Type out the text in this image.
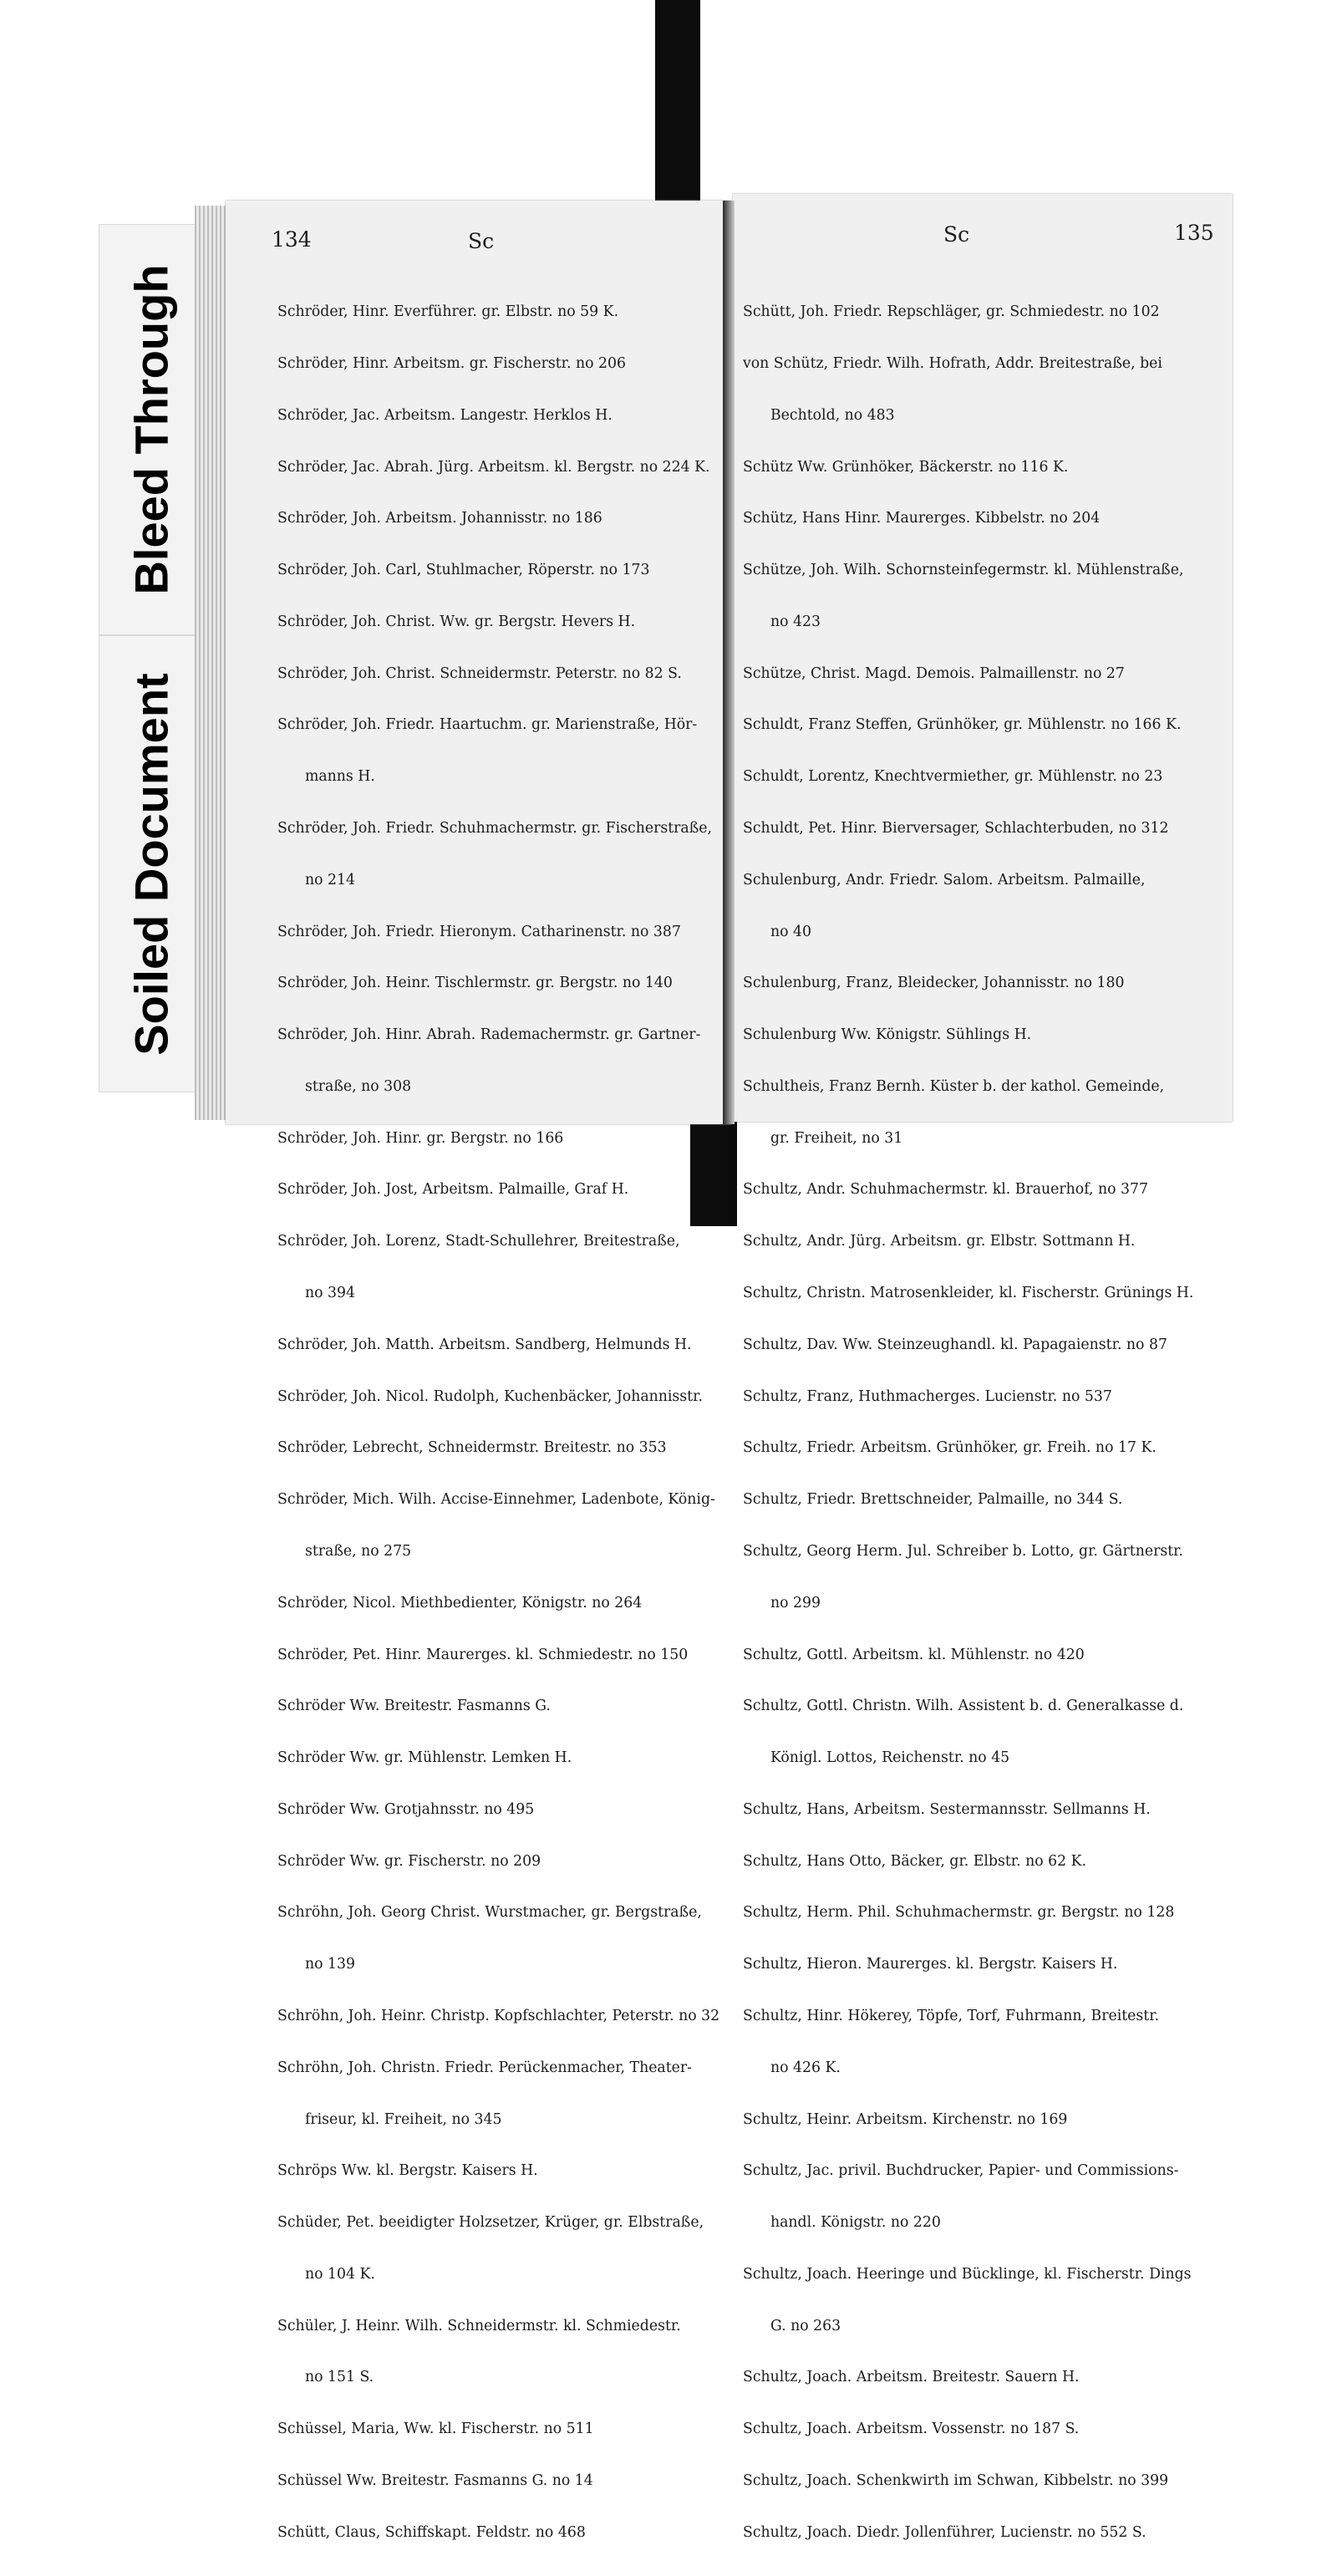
Bleed Through
Soiled Document
134	Sc

Schröder, Hinr. Everführer. gr. Elbstr. no 59 K.

Schröder, Hinr. Arbeitsm. gr. Fischerstr. no 206

Schröder, Jac. Arbeitsm. Langestr. Herklos H.

Schröder, Jac. Abrah. Jürg. Arbeitsm. kl. Bergstr. no 224 K.

Schröder, Joh. Arbeitsm. Johannisstr. no 186

Schröder, Joh. Carl, Stuhlmacher, Röperstr. no 173

Schröder, Joh. Christ. Ww. gr. Bergstr. Hevers H.

Schröder, Joh. Christ. Schneidermstr. Peterstr. no 82 S.

Schröder, Joh. Friedr. Haartuchm. gr. Marienstraße, Hör-

manns H.

Schröder, Joh. Friedr. Schuhmachermstr. gr. Fischerstraße,

no 214

Schröder, Joh. Friedr. Hieronym. Catharinenstr. no 387

Schröder, Joh. Heinr. Tischlermstr. gr. Bergstr. no 140

Schröder, Joh. Hinr. Abrah. Rademachermstr. gr. Gartner-

straße, no 308

Schröder, Joh. Hinr. gr. Bergstr. no 166

Schröder, Joh. Jost, Arbeitsm. Palmaille, Graf H.

Schröder, Joh. Lorenz, Stadt-Schullehrer, Breitestraße,

no 394

Schröder, Joh. Matth. Arbeitsm. Sandberg, Helmunds H.

Schröder, Joh. Nicol. Rudolph, Kuchenbäcker, Johannisstr.

Schröder, Lebrecht, Schneidermstr. Breitestr. no 353

Schröder, Mich. Wilh. Accise-Einnehmer, Ladenbote, König-

straße, no 275

Schröder, Nicol. Miethbedienter, Königstr. no 264

Schröder, Pet. Hinr. Maurerges. kl. Schmiedestr. no 150

Schröder Ww. Breitestr. Fasmanns G.

Schröder Ww. gr. Mühlenstr. Lemken H.

Schröder Ww. Grotjahnsstr. no 495

Schröder Ww. gr. Fischerstr. no 209

Schröhn, Joh. Georg Christ. Wurstmacher, gr. Bergstraße,

no 139

Schröhn, Joh. Heinr. Christp. Kopfschlachter, Peterstr. no 32

Schröhn, Joh. Christn. Friedr. Perückenmacher, Theater-

friseur, kl. Freiheit, no 345

Schröps Ww. kl. Bergstr. Kaisers H.

Schüder, Pet. beeidigter Holzsetzer, Krüger, gr. Elbstraße,

no 104 K.

Schüler, J. Heinr. Wilh. Schneidermstr. kl. Schmiedestr.

no 151 S.

Schüssel, Maria, Ww. kl. Fischerstr. no 511

Schüssel Ww. Breitestr. Fasmanns G. no 14

Schütt, Claus, Schiffskapt. Feldstr. no 468

Sc	135

Schütt, Joh. Friedr. Repschläger, gr. Schmiedestr. no 102

von Schütz, Friedr. Wilh. Hofrath, Addr. Breitestraße, bei

Bechtold, no 483

Schütz Ww. Grünhöker, Bäckerstr. no 116 K.

Schütz, Hans Hinr. Maurerges. Kibbelstr. no 204

Schütze, Joh. Wilh. Schornsteinfegermstr. kl. Mühlenstraße,

no 423

Schütze, Christ. Magd. Demois. Palmaillenstr. no 27

Schuldt, Franz Steffen, Grünhöker, gr. Mühlenstr. no 166 K.

Schuldt, Lorentz, Knechtvermiether, gr. Mühlenstr. no 23

Schuldt, Pet. Hinr. Bierversager, Schlachterbuden, no 312

Schulenburg, Andr. Friedr. Salom. Arbeitsm. Palmaille,

no 40

Schulenburg, Franz, Bleidecker, Johannisstr. no 180

Schulenburg Ww. Königstr. Sühlings H.

Schultheis, Franz Bernh. Küster b. der kathol. Gemeinde,

gr. Freiheit, no 31

Schultz, Andr. Schuhmachermstr. kl. Brauerhof, no 377

Schultz, Andr. Jürg. Arbeitsm. gr. Elbstr. Sottmann H.

Schultz, Christn. Matrosenkleider, kl. Fischerstr. Grünings H.

Schultz, Dav. Ww. Steinzeughandl. kl. Papagaienstr. no 87

Schultz, Franz, Huthmacherges. Lucienstr. no 537

Schultz, Friedr. Arbeitsm. Grünhöker, gr. Freih. no 17 K.

Schultz, Friedr. Brettschneider, Palmaille, no 344 S.

Schultz, Georg Herm. Jul. Schreiber b. Lotto, gr. Gärtnerstr.

no 299

Schultz, Gottl. Arbeitsm. kl. Mühlenstr. no 420

Schultz, Gottl. Christn. Wilh. Assistent b. d. Generalkasse d.

Königl. Lottos, Reichenstr. no 45

Schultz, Hans, Arbeitsm. Sestermannsstr. Sellmanns H.

Schultz, Hans Otto, Bäcker, gr. Elbstr. no 62 K.

Schultz, Herm. Phil. Schuhmachermstr. gr. Bergstr. no 128

Schultz, Hieron. Maurerges. kl. Bergstr. Kaisers H.

Schultz, Hinr. Hökerey, Töpfe, Torf, Fuhrmann, Breitestr.

no 426 K.

Schultz, Heinr. Arbeitsm. Kirchenstr. no 169

Schultz, Jac. privil. Buchdrucker, Papier- und Commissions-

handl. Königstr. no 220

Schultz, Joach. Heeringe und Bücklinge, kl. Fischerstr. Dings

G. no 263

Schultz, Joach. Arbeitsm. Breitestr. Sauern H.

Schultz, Joach. Arbeitsm. Vossenstr. no 187 S.

Schultz, Joach. Schenkwirth im Schwan, Kibbelstr. no 399

Schultz, Joach. Diedr. Jollenführer, Lucienstr. no 552 S.
